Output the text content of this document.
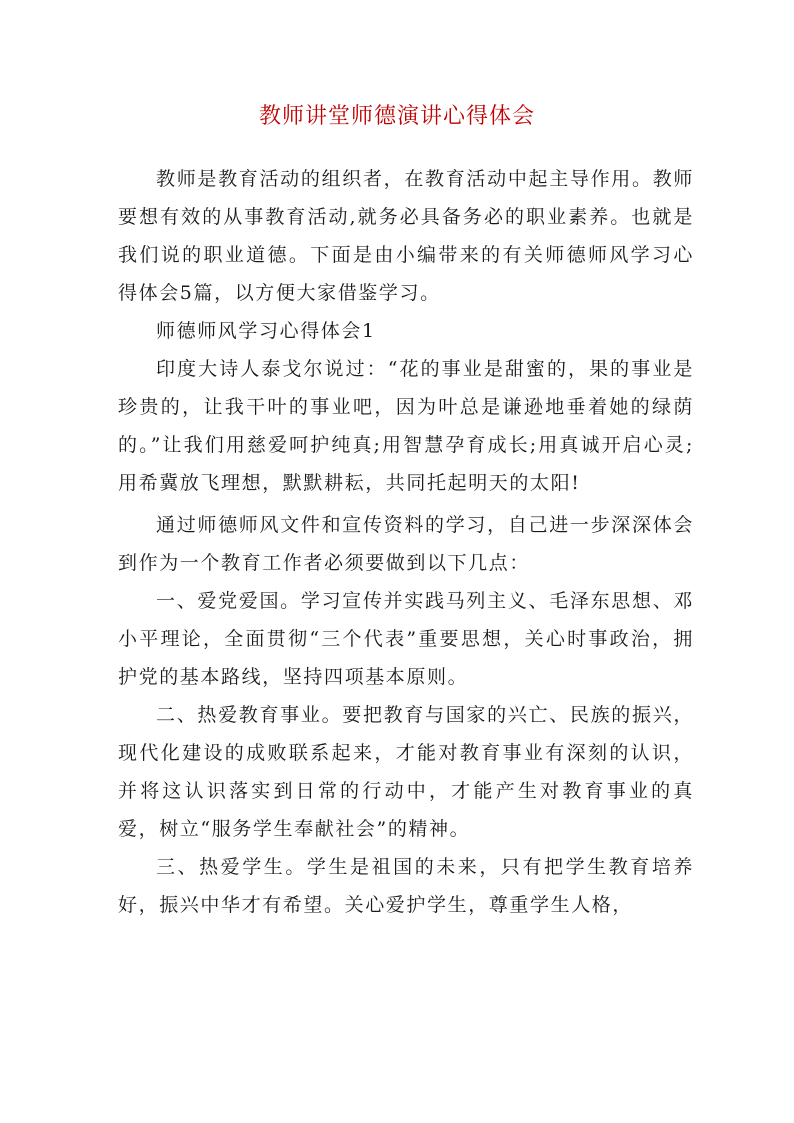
教师讲堂师德演讲心得体会

教师是教育活动的组织者，在教育活动中起主导作用。教师要想有效的从事教育活动,就务必具备务必的职业素养。也就是我们说的职业道德。下面是由小编带来的有关师德师风学习心得体会5篇，以方便大家借鉴学习。

师德师风学习心得体会1

印度大诗人泰戈尔说过：“花的事业是甜蜜的，果的事业是珍贵的，让我干叶的事业吧，因为叶总是谦逊地垂着她的绿荫的。”让我们用慈爱呵护纯真;用智慧孕育成长;用真诚开启心灵;用希冀放飞理想，默默耕耘，共同托起明天的太阳!

通过师德师风文件和宣传资料的学习，自己进一步深深体会到作为一个教育工作者必须要做到以下几点：

一、爱党爱国。学习宣传并实践马列主义、毛泽东思想、邓小平理论，全面贯彻“三个代表”重要思想，关心时事政治，拥护党的基本路线，坚持四项基本原则。

二、热爱教育事业。要把教育与国家的兴亡、民族的振兴，现代化建设的成败联系起来，才能对教育事业有深刻的认识，并将这认识落实到日常的行动中，才能产生对教育事业的真爱，树立“服务学生奉献社会”的精神。

三、热爱学生。学生是祖国的未来，只有把学生教育培养好，振兴中华才有希望。关心爱护学生，尊重学生人格，
